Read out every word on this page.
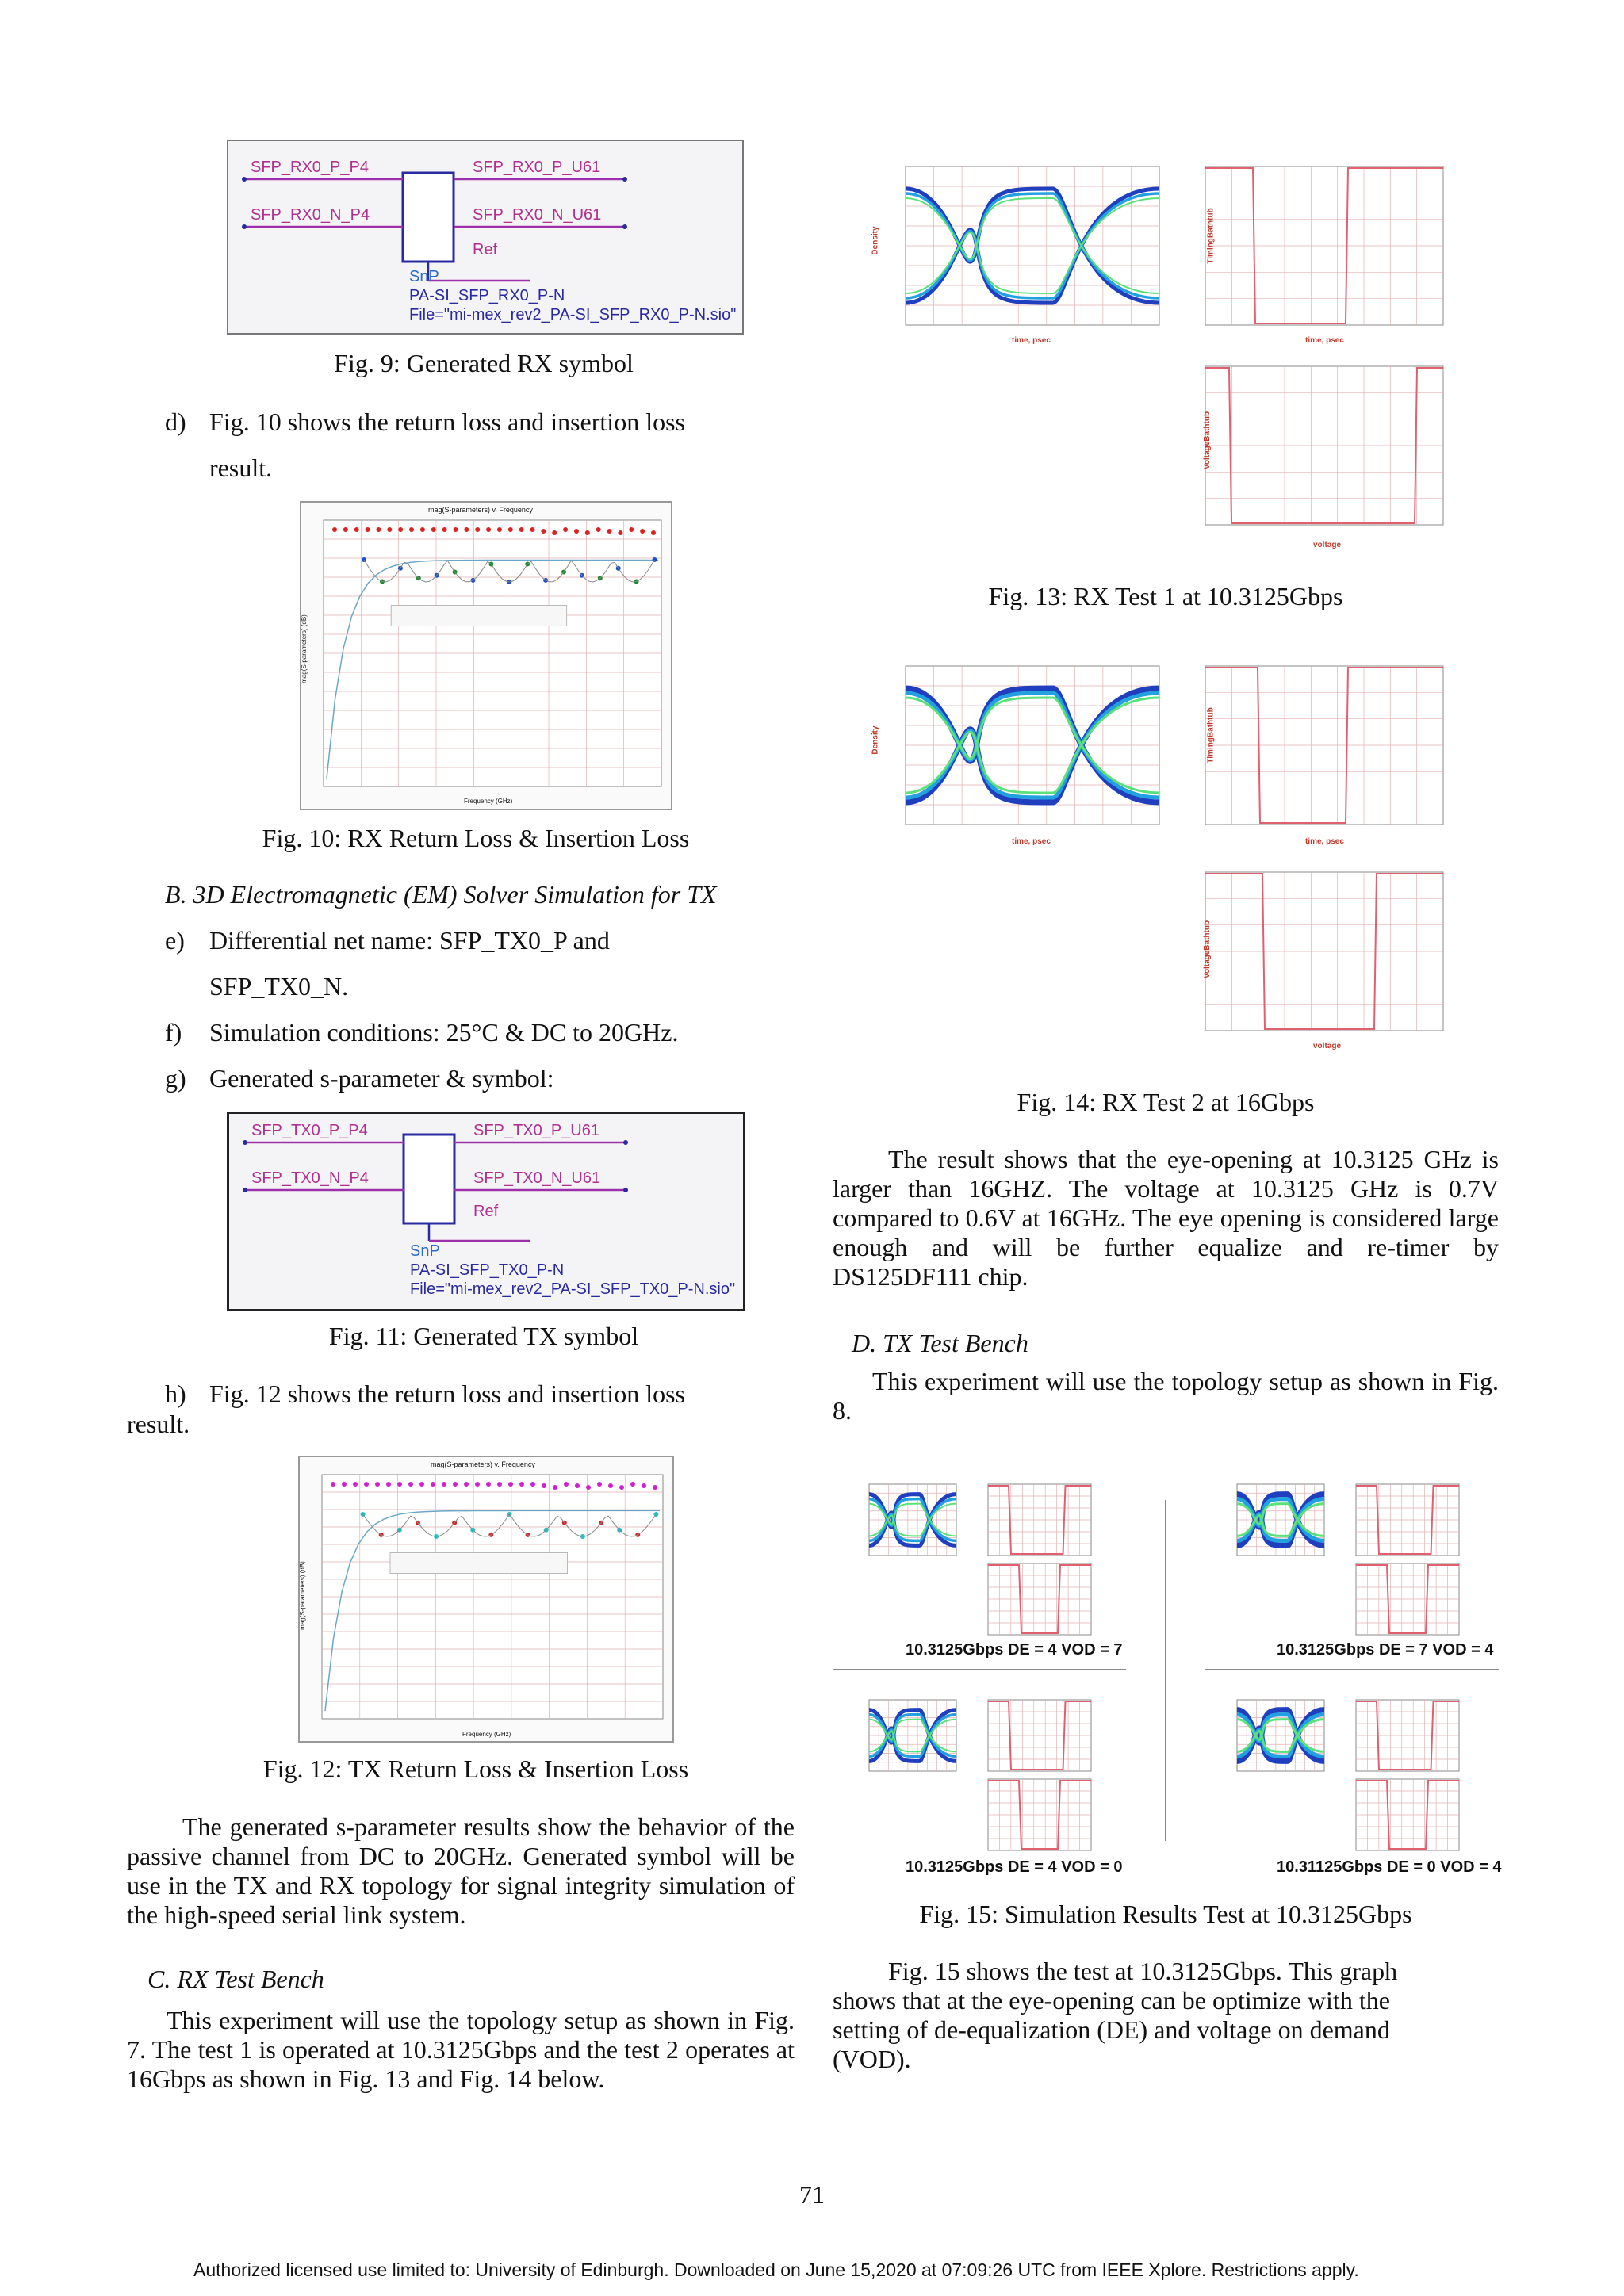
SFP_RX0_P_P4
SFP_RX0_N_P4
SFP_RX0_P_U61
SFP_RX0_N_U61
Ref
SnP
PA-SI_SFP_RX0_P-N
File="mi-mex_rev2_PA-SI_SFP_RX0_P-N.sio"
Fig. 9: Generated RX symbol
d) Fig. 10 shows the return loss and insertion loss
result.
mag(S-parameters) v. Frequency
Frequency (GHz)
mag(S-parameters) (dB)
Fig. 10: RX Return Loss & Insertion Loss
B. 3D Electromagnetic (EM) Solver Simulation for TX
e) Differential net name: SFP_TX0_P and
SFP_TX0_N.
f) Simulation conditions: 25°C & DC to 20GHz.
g) Generated s-parameter & symbol:
SFP_TX0_P_P4
SFP_TX0_N_P4
SFP_TX0_P_U61
SFP_TX0_N_U61
Ref
SnP
PA-SI_SFP_TX0_P-N
File="mi-mex_rev2_PA-SI_SFP_TX0_P-N.sio"
Fig. 11: Generated TX symbol
h) Fig. 12 shows the return loss and insertion loss
result.
mag(S-parameters) v. Frequency
Frequency (GHz)
mag(S-parameters) (dB)
Fig. 12: TX Return Loss & Insertion Loss
The generated s-parameter results show the behavior of the passive channel from DC to 20GHz. Generated symbol will be use in the TX and RX topology for signal integrity simulation of the high-speed serial link system.
C. RX Test Bench
This experiment will use the topology setup as shown in Fig. 7. The test 1 is operated at 10.3125Gbps and the test 2 operates at 16Gbps as shown in Fig. 13 and Fig. 14 below.
time, psec
Density	TimingBathtub
time, psec
VoltageBathtub
voltage
Fig. 13: RX Test 1 at 10.3125Gbps
time, psec
Density	TimingBathtub
time, psec
VoltageBathtub
voltage
Fig. 14: RX Test 2 at 16Gbps
The result shows that the eye-opening at 10.3125 GHz is larger than 16GHZ. The voltage at 10.3125 GHz is 0.7V compared to 0.6V at 16GHz. The eye opening is considered large enough and will be further equalize and re-timer by DS125DF111 chip.
D. TX Test Bench
This experiment will use the topology setup as shown in Fig. 8.
10.3125Gbps DE = 4 VOD = 7	10.3125Gbps DE = 7 VOD = 4
10.3125Gbps DE = 4 VOD = 0	10.31125Gbps DE = 0 VOD = 4
Fig. 15: Simulation Results Test at 10.3125Gbps
Fig. 15 shows the test at 10.3125Gbps. This graph shows that at the eye-opening can be optimize with the setting of de-equalization (DE) and voltage on demand (VOD).
71
Authorized licensed use limited to: University of Edinburgh. Downloaded on June 15,2020 at 07:09:26 UTC from IEEE Xplore. Restrictions apply.
